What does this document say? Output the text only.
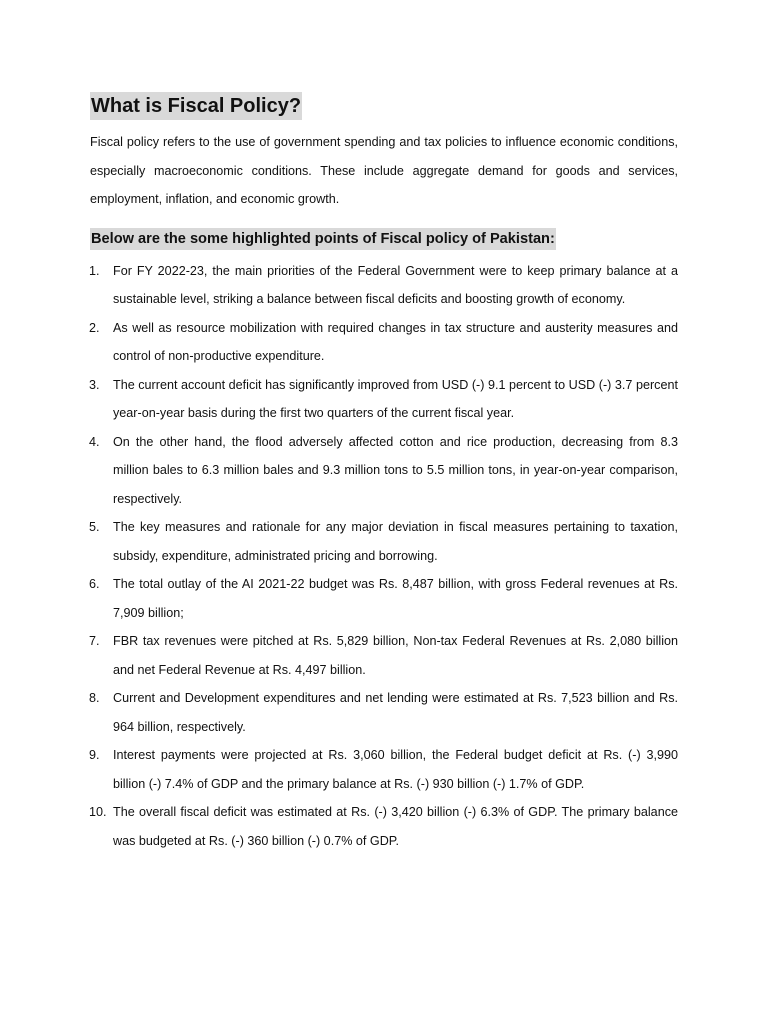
What is Fiscal Policy?

Fiscal policy refers to the use of government spending and tax policies to influence economic conditions, especially macroeconomic conditions. These include aggregate demand for goods and services, employment, inflation, and economic growth.

Below are the some highlighted points of Fiscal policy of Pakistan:
1. For FY 2022-23, the main priorities of the Federal Government were to keep primary balance at a sustainable level, striking a balance between fiscal deficits and boosting growth of economy.
2. As well as resource mobilization with required changes in tax structure and austerity measures and control of non-productive expenditure.
3. The current account deficit has significantly improved from USD (-) 9.1 percent to USD (-) 3.7 percent year-on-year basis during the first two quarters of the current fiscal year.
4. On the other hand, the flood adversely affected cotton and rice production, decreasing from 8.3 million bales to 6.3 million bales and 9.3 million tons to 5.5 million tons, in year-on-year comparison, respectively.
5. The key measures and rationale for any major deviation in fiscal measures pertaining to taxation, subsidy, expenditure, administrated pricing and borrowing.
6. The total outlay of the AI 2021-22 budget was Rs. 8,487 billion, with gross Federal revenues at Rs. 7,909 billion;
7. FBR tax revenues were pitched at Rs. 5,829 billion, Non-tax Federal Revenues at Rs. 2,080 billion and net Federal Revenue at Rs. 4,497 billion.
8. Current and Development expenditures and net lending were estimated at Rs. 7,523 billion and Rs. 964 billion, respectively.
9. Interest payments were projected at Rs. 3,060 billion, the Federal budget deficit at Rs. (-) 3,990 billion (-) 7.4% of GDP and the primary balance at Rs. (-) 930 billion (-) 1.7% of GDP.
10. The overall fiscal deficit was estimated at Rs. (-) 3,420 billion (-) 6.3% of GDP. The primary balance was budgeted at Rs. (-) 360 billion (-) 0.7% of GDP.
